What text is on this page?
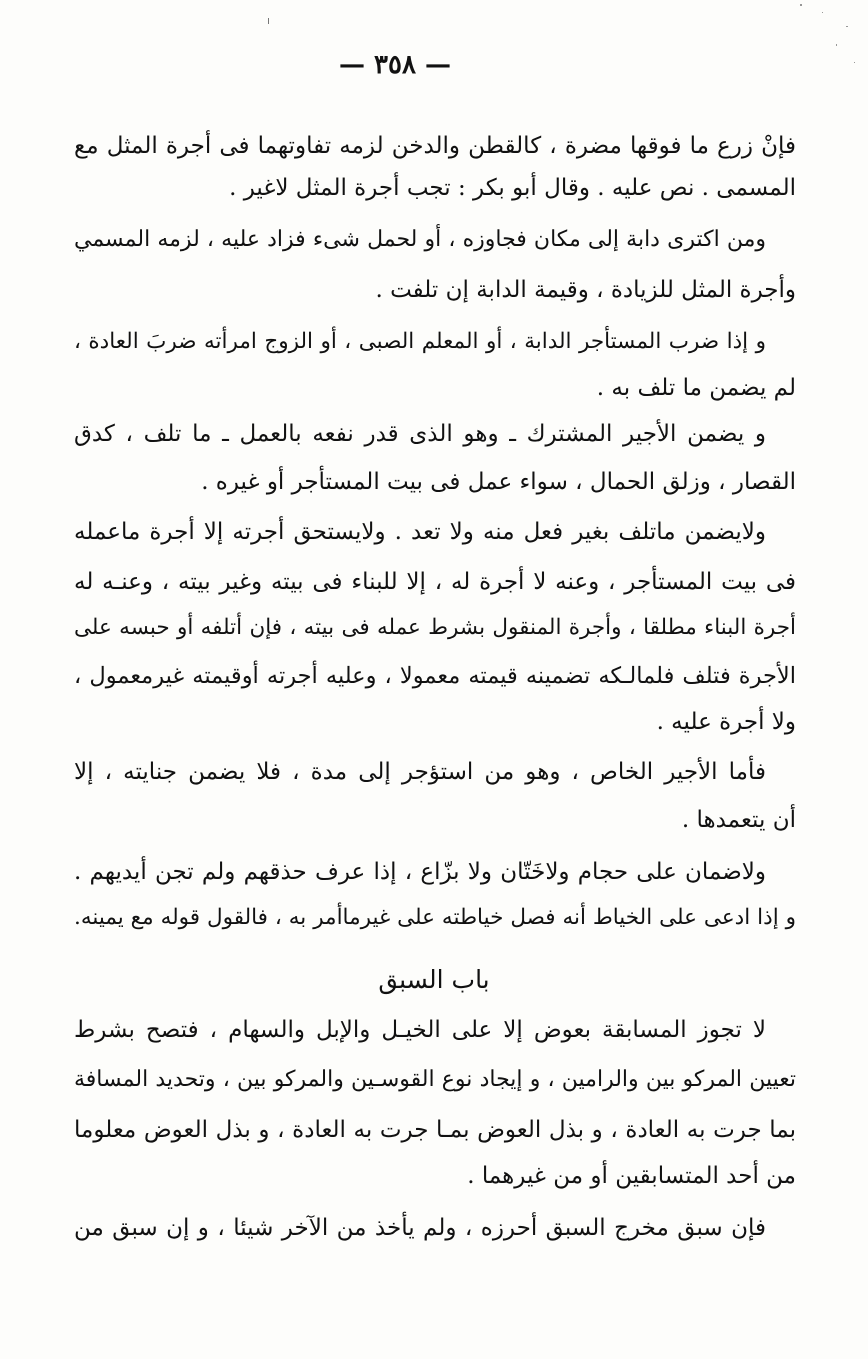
— ٣٥٨ —
فإنْ زرع ما فوقها مضرة ، كالقطن والدخن لزمه تفاوتهما فى أجرة المثل مع
المسمى . نص عليه . وقال أبو بكر : تجب أجرة المثل لاغير .
ومن اكترى دابة إلى مكان فجاوزه ، أو لحمل شىء فزاد عليه ، لزمه المسمي
وأجرة المثل للزيادة ، وقيمة الدابة إن تلفت .
و إذا ضرب المستأجر الدابة ، أو المعلم الصبى ، أو الزوج امرأته ضربَ العادة ،
لم يضمن ما تلف به .
و يضمن الأجير المشترك ـ وهو الذى قدر نفعه بالعمل ـ ما تلف ، كدق
القصار ، وزلق الحمال ، سواء عمل فى بيت المستأجر أو غيره .
ولايضمن ماتلف بغير فعل منه ولا تعد . ولايستحق أجرته إلا أجرة ماعمله
فى بيت المستأجر ، وعنه لا أجرة له ، إلا للبناء فى بيته وغير بيته ، وعنـه له
أجرة البناء مطلقا ، وأجرة المنقول بشرط عمله فى بيته ، فإن أتلفه أو حبسه على
الأجرة فتلف فلمالـكه تضمينه قيمته معمولا ، وعليه أجرته أوقيمته غيرمعمول ،
ولا أجرة عليه .
فأما الأجير الخاص ، وهو من استؤجر إلى مدة ، فلا يضمن جنايته ، إلا
أن يتعمدها .
ولاضمان على حجام ولاخَتّان ولا بزّاع ، إذا عرف حذقهم ولم تجن أيديهم .
و إذا ادعى على الخياط أنه فصل خياطته على غيرماأمر به ، فالقول قوله مع يمينه.
باب السبق
لا تجوز المسابقة بعوض إلا على الخيـل والإبل والسهام ، فتصح بشرط
تعيين المركو بين والرامين ، و إيجاد نوع القوسـين والمركو بين ، وتحديد المسافة
بما جرت به العادة ، و بذل العوض بمـا جرت به العادة ، و بذل العوض معلوما
من أحد المتسابقين أو من غيرهما .
فإن سبق مخرج السبق أحرزه ، ولم يأخذ من الآخر شيئا ، و إن سبق من
